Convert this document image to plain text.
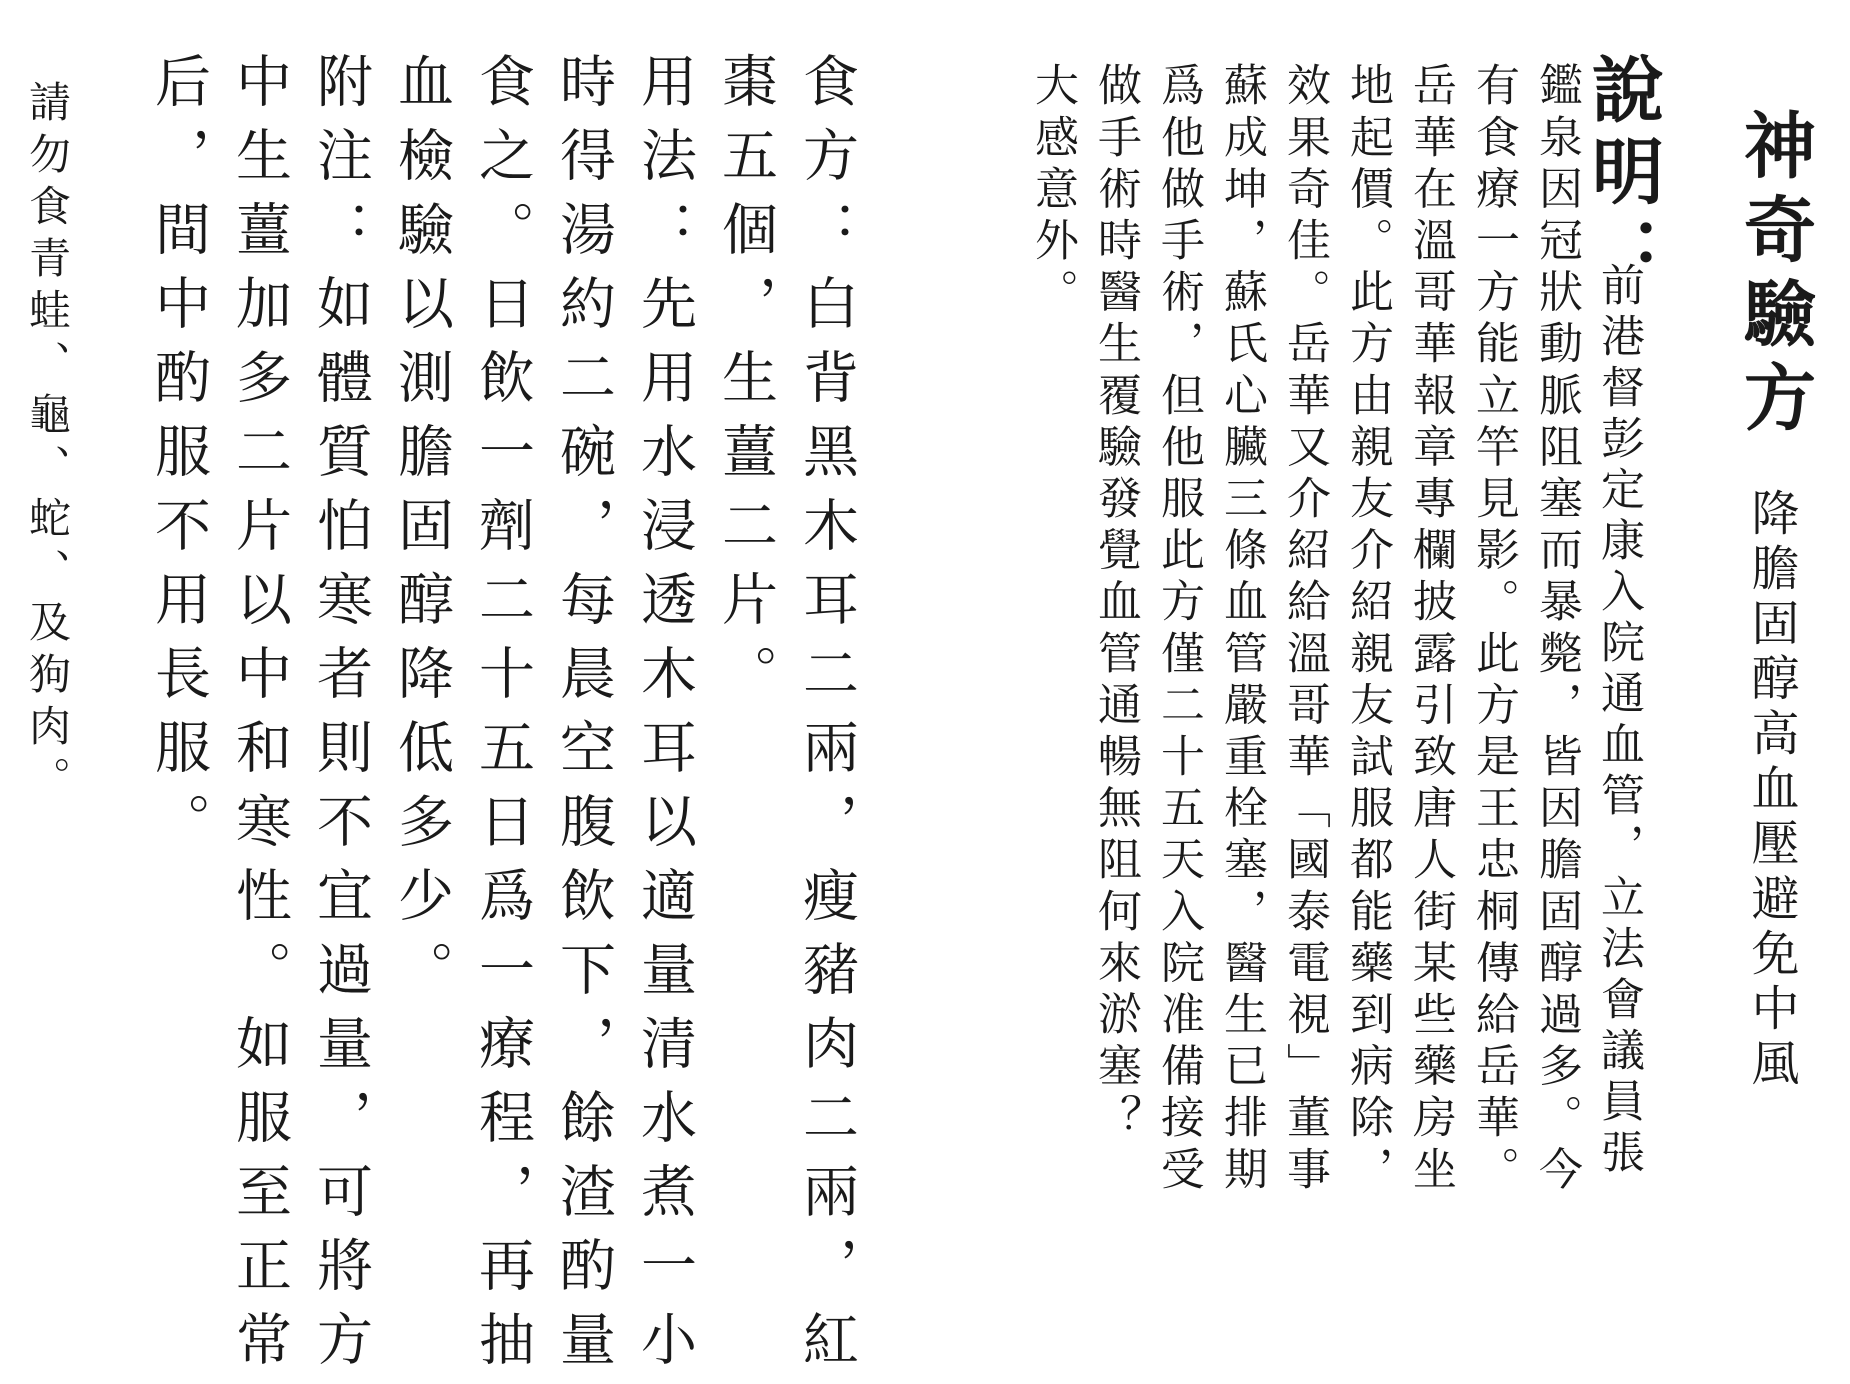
神奇驗方
降膽固醇高血壓避免中風
說明：
前港督彭定康入院通血管，立法會議員張
鑑泉因冠狀動脈阻塞而暴斃，皆因膽固醇過多。今
有食療一方能立竿見影。此方是王忠桐傳給岳華。
岳華在溫哥華報章專欄披露引致唐人街某些藥房坐
地起價。此方由親友介紹親友試服都能藥到病除，
效果奇佳。岳華又介紹給溫哥華「國泰電視」董事
蘇成坤，蘇氏心臟三條血管嚴重栓塞，醫生已排期
爲他做手術，但他服此方僅二十五天入院准備接受
做手術時醫生覆驗發覺血管通暢無阻何來淤塞？
大感意外。
食方：白背黑木耳二兩，瘦豬肉二兩，紅
棗五個，生薑二片。
用法：先用水浸透木耳以適量清水煮一小
時得湯約二碗，每晨空腹飲下，餘渣酌量
食之。日飲一劑二十五日爲一療程，再抽
血檢驗以測膽固醇降低多少。
附注：如體質怕寒者則不宜過量，可將方
中生薑加多二片以中和寒性。如服至正常
后，間中酌服不用長服。
請勿食青蛙、龜、蛇、及狗肉。
